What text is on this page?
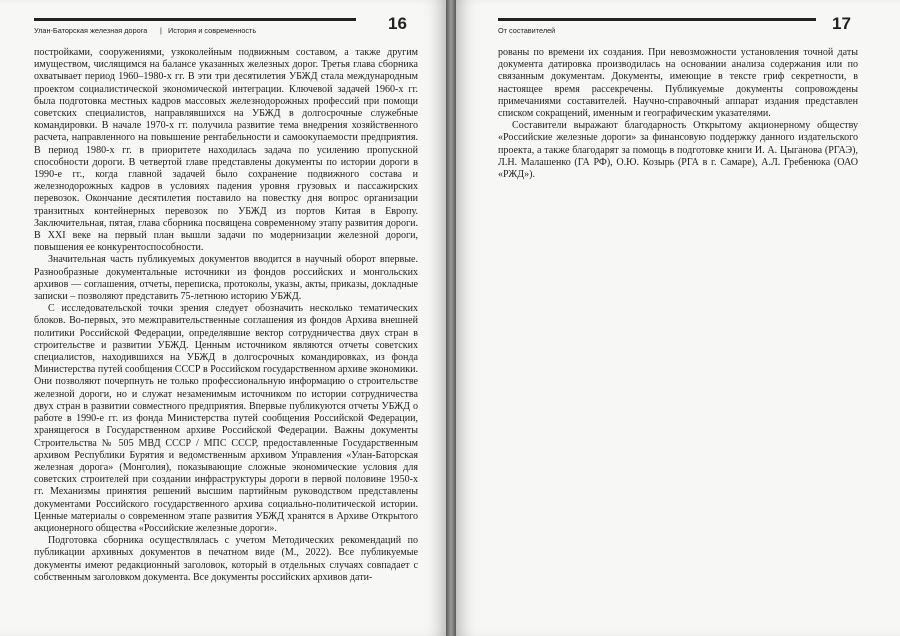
Улан-Баторская железная дорога | История и современность	16

постройками, сооружениями, узкоколейным подвижным составом, а также другим имуществом, числящимся на балансе указанных железных дорог. Третья глава сборника охватывает период 1960–1980-х гг. В эти три десятилетия УБЖД стала международным проектом социалистической экономической интеграции. Ключевой задачей 1960-х гг. была подготовка местных кадров массовых железнодорожных профессий при помощи советских специалистов, направлявшихся на УБЖД в долгосрочные служебные командировки. В начале 1970-х гг. получила развитие тема внедрения хозяйственного расчета, направленного на повышение рентабельности и самоокупаемости предприятия. В период 1980-х гг. в приоритете находилась задача по усилению пропускной способности дороги. В четвертой главе представлены документы по истории дороги в 1990-е гг., когда главной задачей было сохранение подвижного состава и железнодорожных кадров в условиях падения уровня грузовых и пассажирских перевозок. Окончание десятилетия поставило на повестку дня вопрос организации транзитных контейнерных перевозок по УБЖД из портов Китая в Европу. Заключительная, пятая, глава сборника посвящена современному этапу развития дороги. В XXI веке на первый план вышли задачи по модернизации железной дороги, повышения ее конкурентоспособности.

Значительная часть публикуемых документов вводится в научный оборот впервые. Разнообразные документальные источники из фондов российских и монгольских архивов — соглашения, отчеты, переписка, протоколы, указы, акты, приказы, докладные записки – позволяют представить 75-летнюю историю УБЖД.

С исследовательской точки зрения следует обозначить несколько тематических блоков. Во-первых, это межправительственные соглашения из фондов Архива внешней политики Российской Федерации, определявшие вектор сотрудничества двух стран в строительстве и развитии УБЖД. Ценным источником являются отчеты советских специалистов, находившихся на УБЖД в долгосрочных командировках, из фонда Министерства путей сообщения СССР в Российском государственном архиве экономики. Они позволяют почерпнуть не только профессиональную информацию о строительстве железной дороги, но и служат незаменимым источником по истории сотрудничества двух стран в развитии совместного предприятия. Впервые публикуются отчеты УБЖД о работе в 1990-е гг. из фонда Министерства путей сообщения Российской Федерации, хранящегося в Государственном архиве Российской Федерации. Важны документы Строительства № 505 МВД СССР / МПС СССР, предоставленные Государственным архивом Республики Бурятия и ведомственным архивом Управления «Улан-Баторская железная дорога» (Монголия), показывающие сложные экономические условия для советских строителей при создании инфраструктуры дороги в первой половине 1950-х гг. Механизмы принятия решений высшим партийным руководством представлены документами Российского государственного архива социально-политической истории. Ценные материалы о современном этапе развития УБЖД хранятся в Архиве Открытого акционерного общества «Российские железные дороги».

Подготовка сборника осуществлялась с учетом Методических рекомендаций по публикации архивных документов в печатном виде (М., 2022). Все публикуемые документы имеют редакционный заголовок, который в отдельных случаях совпадает с собственным заголовком документа. Все документы российских архивов дати-

От составителей	17

рованы по времени их создания. При невозможности установления точной даты документа датировка производилась на основании анализа содержания или по связанным документам. Документы, имеющие в тексте гриф секретности, в настоящее время рассекречены. Публикуемые документы сопровождены примечаниями составителей. Научно-справочный аппарат издания представлен списком сокращений, именным и географическим указателями.

Составители выражают благодарность Открытому акционерному обществу «Российские железные дороги» за финансовую поддержку данного издательского проекта, а также благодарят за помощь в подготовке книги И. А. Цыганова (РГАЭ), Л.Н. Малашенко (ГА РФ), О.Ю. Козырь (РГА в г. Самаре), А.Л. Гребенюка (ОАО «РЖД»).
